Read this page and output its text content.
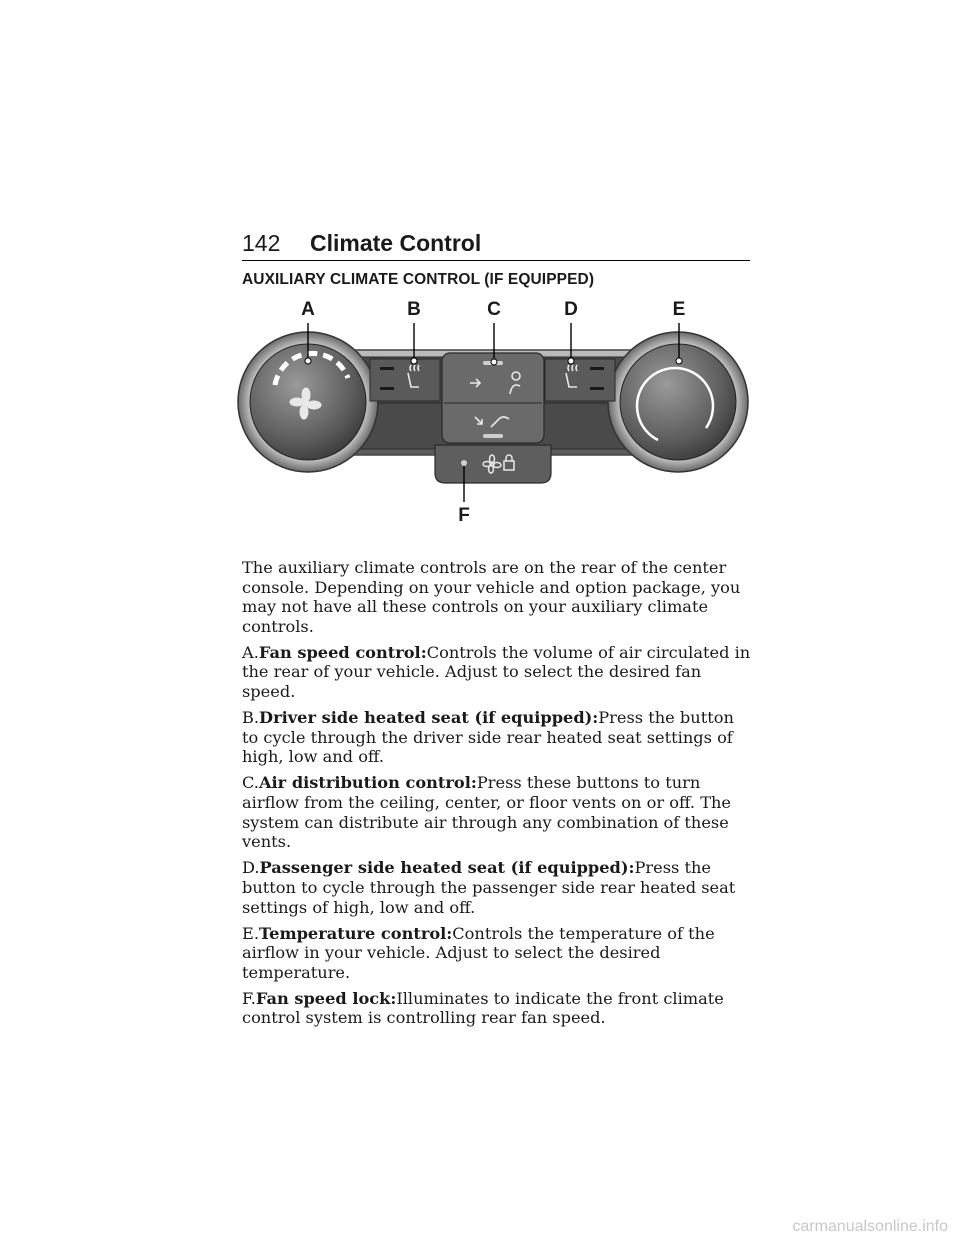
142 Climate Control
AUXILIARY CLIMATE CONTROL (IF EQUIPPED)
A	B	C	D	E
F

The auxiliary climate controls are on the rear of the center console. Depending on your vehicle and option package, you may not have all these controls on your auxiliary climate controls.

A.Fan speed control:Controls the volume of air circulated in the rear of your vehicle. Adjust to select the desired fan speed.

B.Driver side heated seat (if equipped):Press the button to cycle through the driver side rear heated seat settings of high, low and off.

C.Air distribution control:Press these buttons to turn airflow from the ceiling, center, or floor vents on or off. The system can distribute air through any combination of these vents.

D.Passenger side heated seat (if equipped):Press the button to cycle through the passenger side rear heated seat settings of high, low and off.

E.Temperature control:Controls the temperature of the airflow in your vehicle. Adjust to select the desired temperature.

F.Fan speed lock:Illuminates to indicate the front climate control system is controlling rear fan speed.

carmanualsonline.info
